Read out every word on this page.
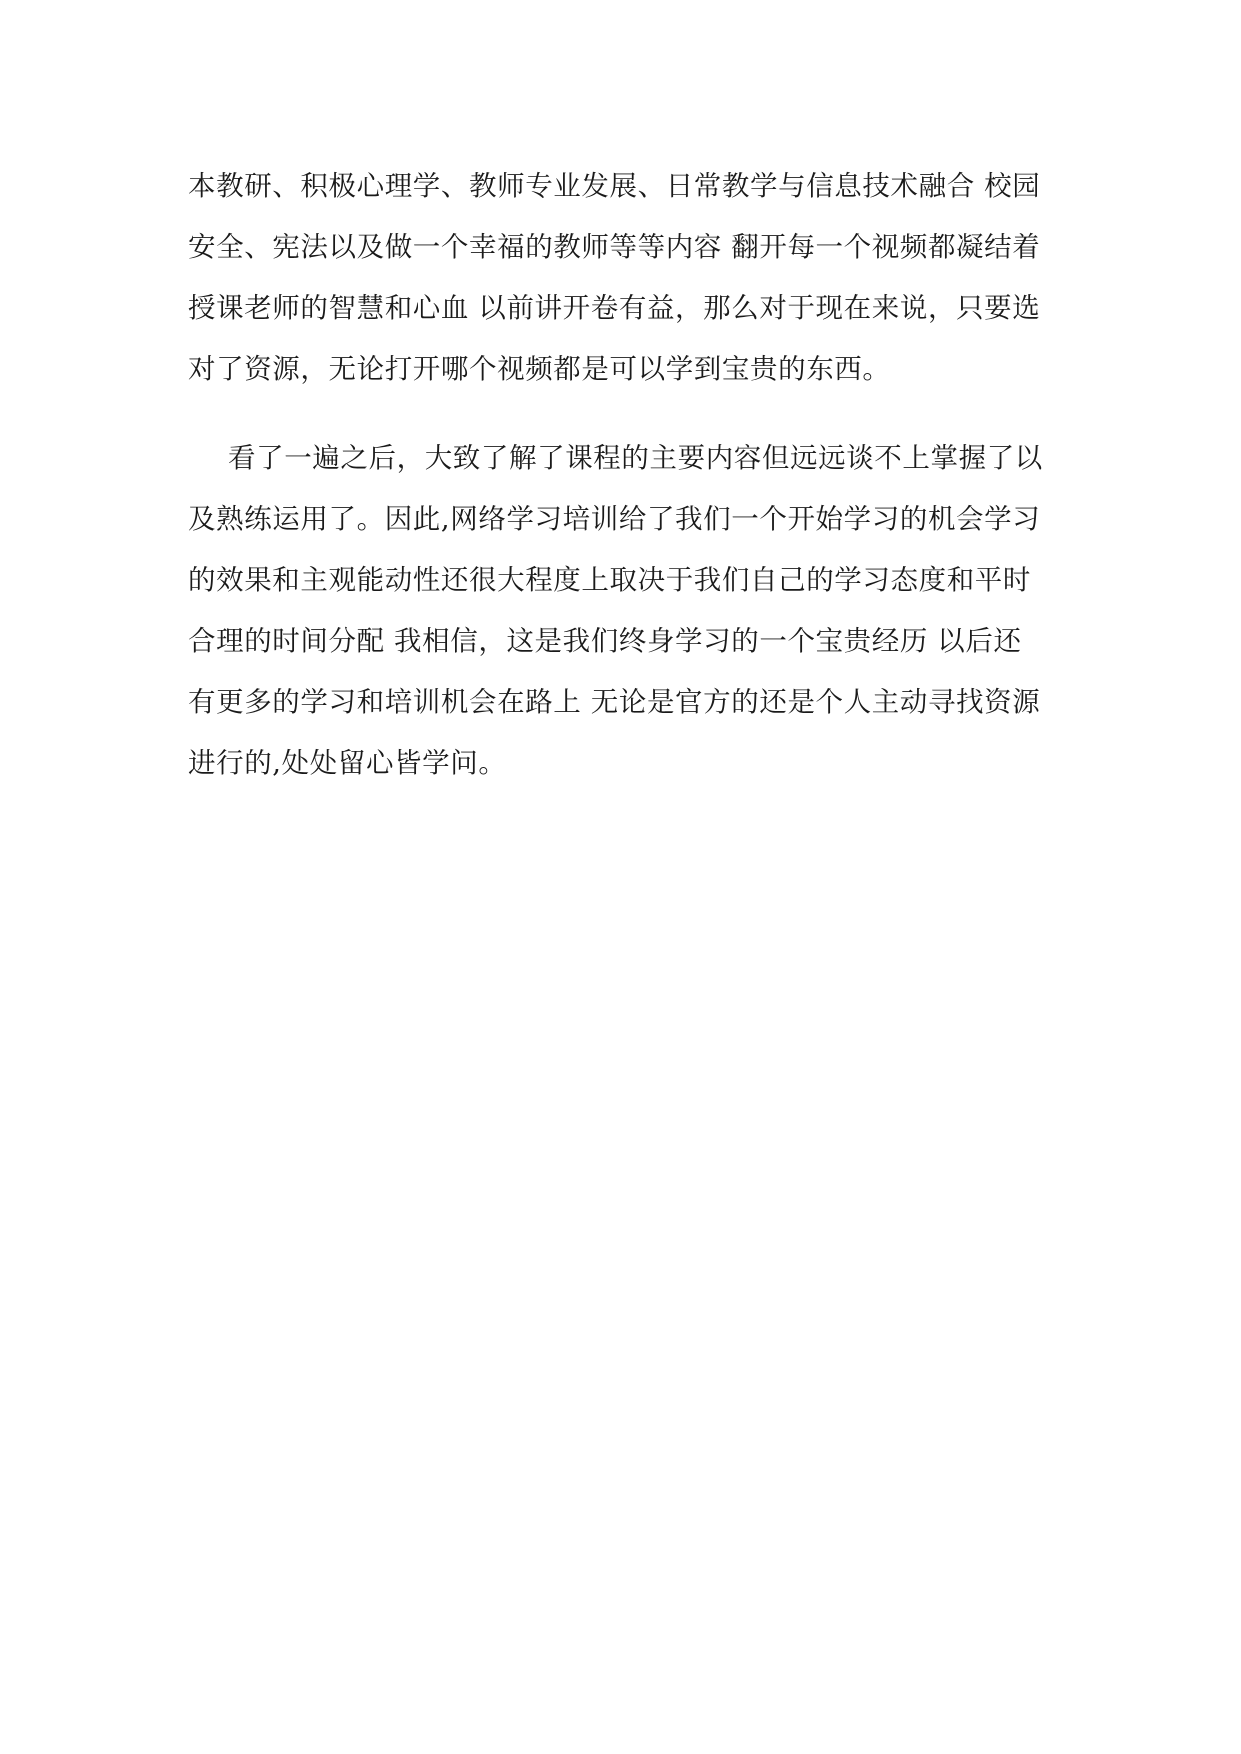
本教研、积极心理学、教师专业发展、日常教学与信息技术融合 校园
安全、宪法以及做一个幸福的教师等等内容 翻开每一个视频都凝结着
授课老师的智慧和心血 以前讲开卷有益，那么对于现在来说，只要选
对了资源，无论打开哪个视频都是可以学到宝贵的东西。

看了一遍之后，大致了解了课程的主要内容但远远谈不上掌握了以
及熟练运用了。因此,网络学习培训给了我们一个开始学习的机会学习
的效果和主观能动性还很大程度上取决于我们自己的学习态度和平时
合理的时间分配 我相信，这是我们终身学习的一个宝贵经历 以后还
有更多的学习和培训机会在路上 无论是官方的还是个人主动寻找资源
进行的,处处留心皆学问。
